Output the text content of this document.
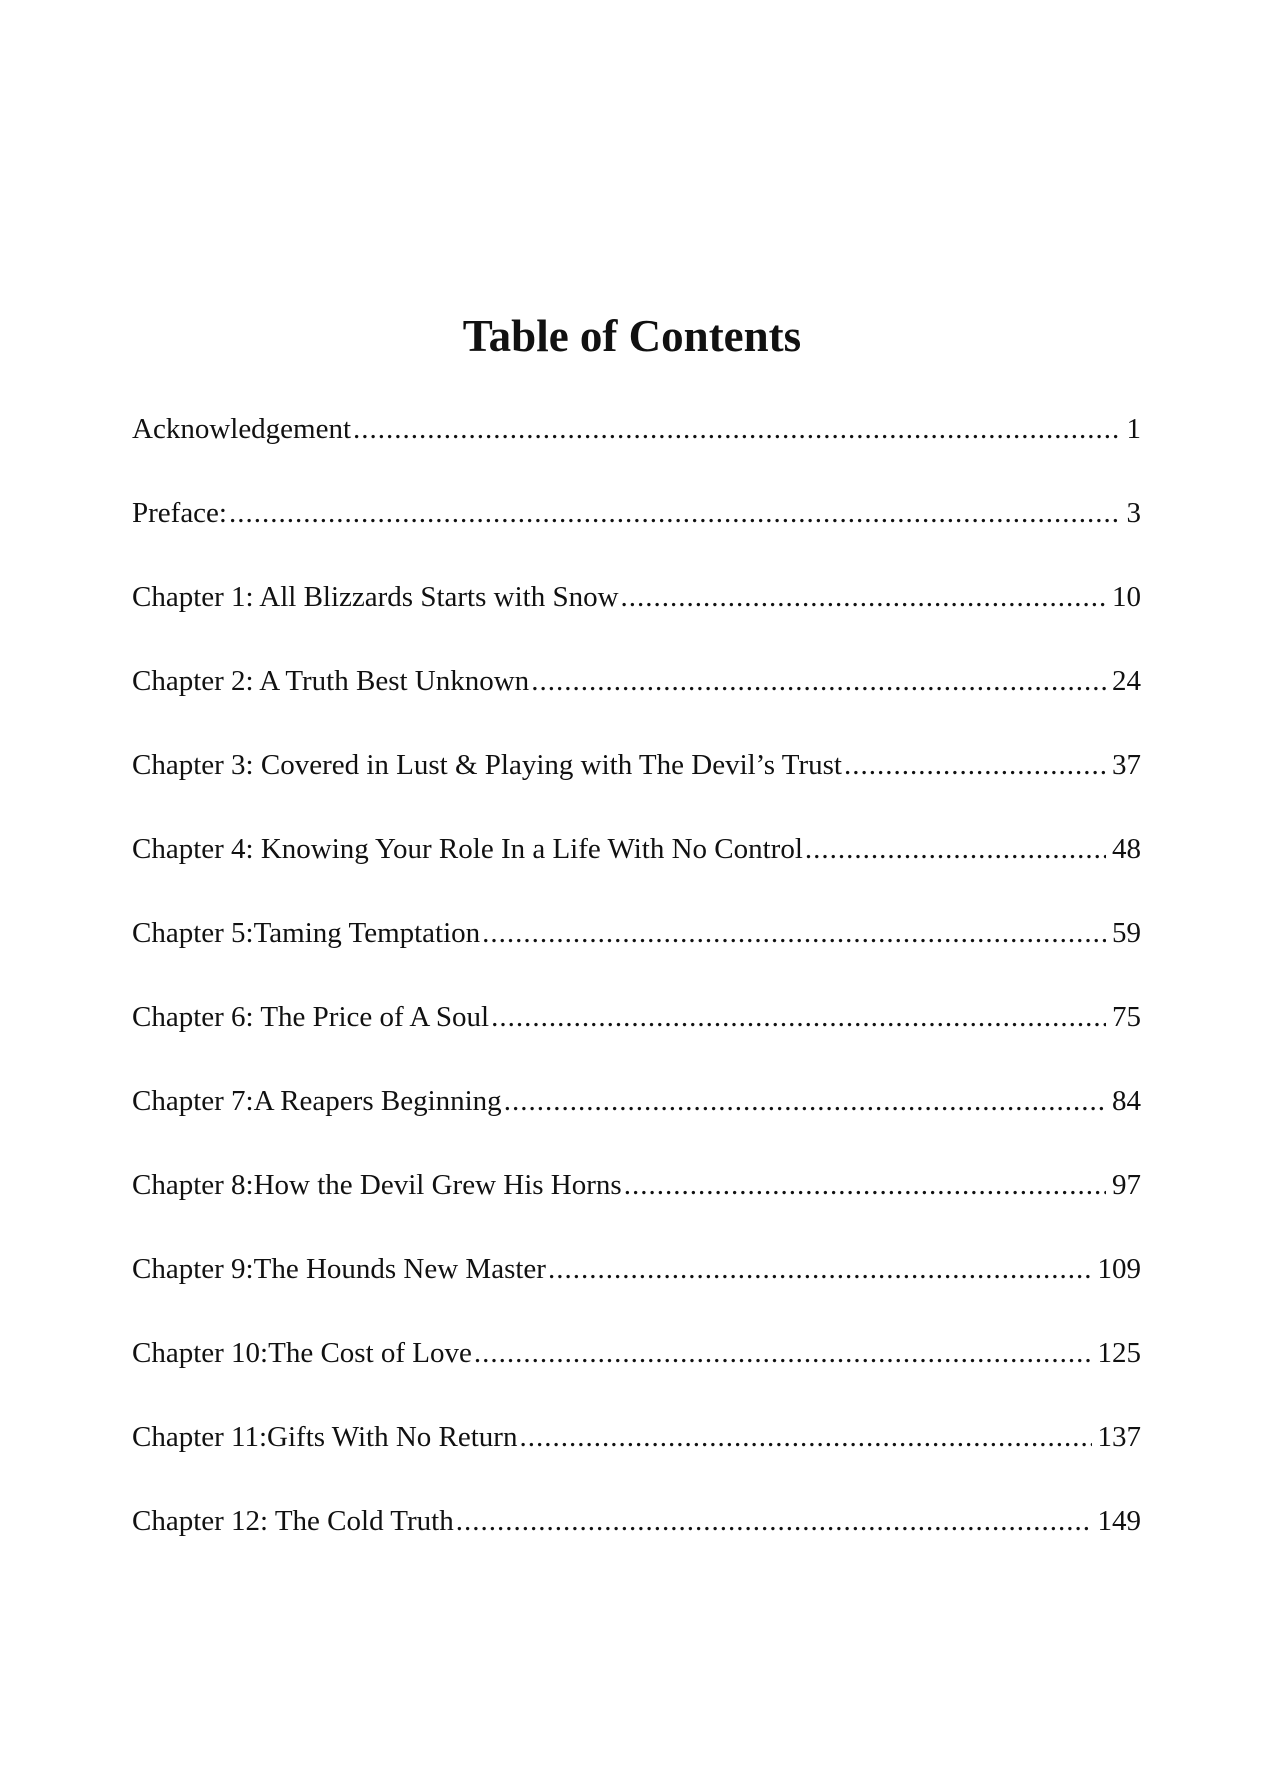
Table of Contents
Acknowledgement .....	1
Preface: .....	3
Chapter 1: All Blizzards Starts with Snow .....	10
Chapter 2: A Truth Best Unknown .....	24
Chapter 3: Covered in Lust & Playing with The Devil’s Trust .....	37
Chapter 4: Knowing Your Role In a Life With No Control .....	48
Chapter 5:Taming Temptation .....	59
Chapter 6: The Price of A Soul .....	75
Chapter 7:A Reapers Beginning .....	84
Chapter 8:How the Devil Grew His Horns .....	97
Chapter 9:The Hounds New Master .....	109
Chapter 10:The Cost of Love .....	125
Chapter 11:Gifts With No Return .....	137
Chapter 12: The Cold Truth .....	149
